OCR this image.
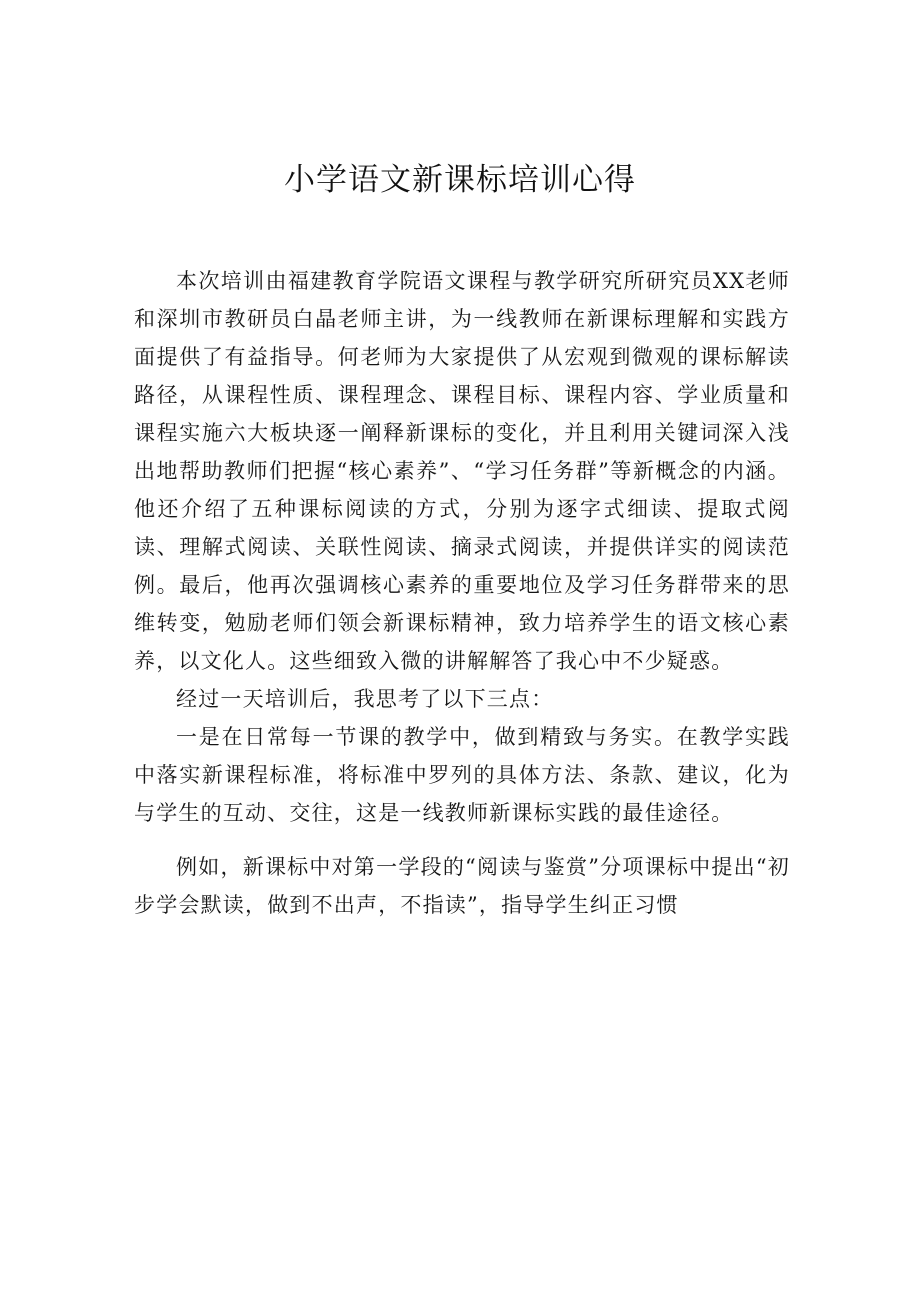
小学语文新课标培训心得

本次培训由福建教育学院语文课程与教学研究所研究员XX老师和深圳市教研员白晶老师主讲，为一线教师在新课标理解和实践方面提供了有益指导。何老师为大家提供了从宏观到微观的课标解读路径，从课程性质、课程理念、课程目标、课程内容、学业质量和课程实施六大板块逐一阐释新课标的变化，并且利用关键词深入浅出地帮助教师们把握“核心素养”、“学习任务群”等新概念的内涵。他还介绍了五种课标阅读的方式，分别为逐字式细读、提取式阅读、理解式阅读、关联性阅读、摘录式阅读，并提供详实的阅读范例。最后，他再次强调核心素养的重要地位及学习任务群带来的思维转变，勉励老师们领会新课标精神，致力培养学生的语文核心素养，以文化人。这些细致入微的讲解解答了我心中不少疑惑。

经过一天培训后，我思考了以下三点：

一是在日常每一节课的教学中，做到精致与务实。在教学实践中落实新课程标准，将标准中罗列的具体方法、条款、建议，化为与学生的互动、交往，这是一线教师新课标实践的最佳途径。

例如，新课标中对第一学段的“阅读与鉴赏”分项课标中提出“初步学会默读，做到不出声，不指读”，指导学生纠正习惯
